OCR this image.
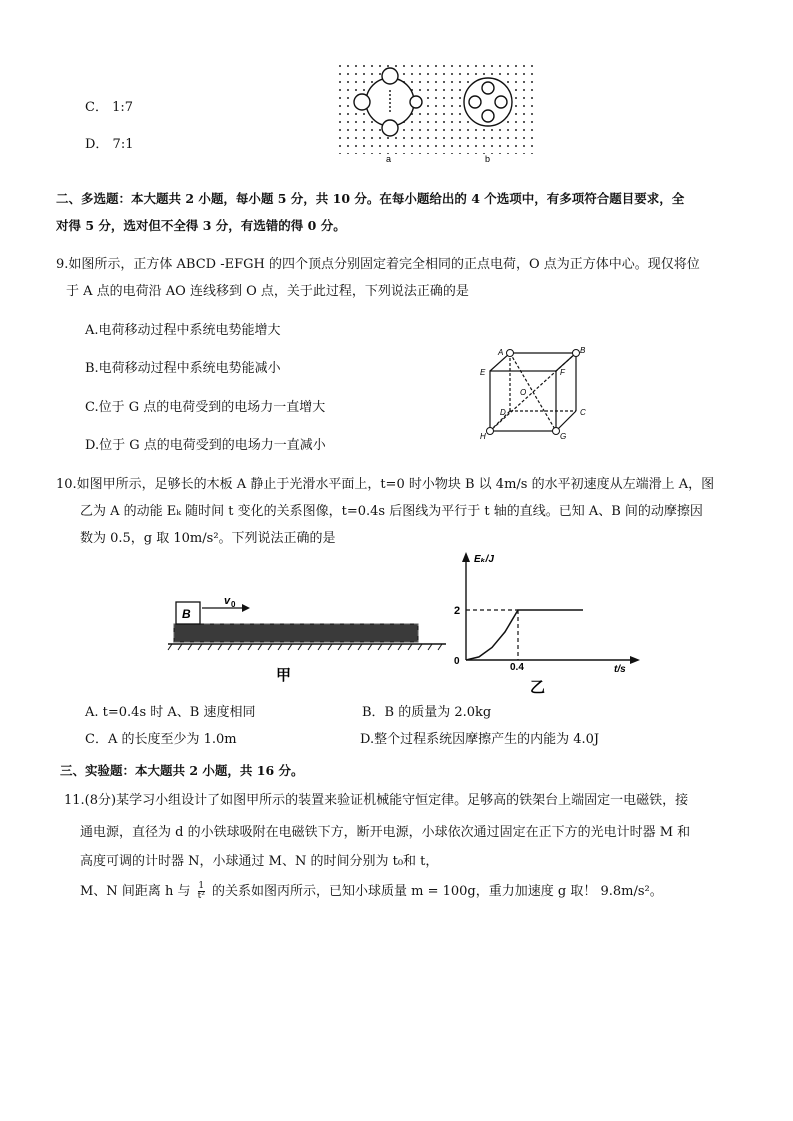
C． 1:7
D． 7:1
a	b
二、多选题：本大题共 2 小题，每小题 5 分，共 10 分。在每小题给出的 4 个选项中，有多项符合题目要求，全
对得 5 分，选对但不全得 3 分，有选错的得 0 分。
9.如图所示，正方体 ABCD -EFGH 的四个顶点分别固定着完全相同的正点电荷，O 点为正方体中心。现仅将位
于 A 点的电荷沿 AO 连线移到 O 点，关于此过程，下列说法正确的是
A.电荷移动过程中系统电势能增大
B.电荷移动过程中系统电势能减小
C.位于 G 点的电荷受到的电场力一直增大
D.位于 G 点的电荷受到的电场力一直减小
A	B
E	F
O
D	C
H	G
10.如图甲所示，足够长的木板 A 静止于光滑水平面上，t=0 时小物块 B 以 4m/s 的水平初速度从左端滑上 A，图
乙为 A 的动能 Eₖ 随时间 t 变化的关系图像，t=0.4s 后图线为平行于 t 轴的直线。已知 A、B 间的动摩擦因
数为 0.5，g 取 10m/s²。下列说法正确的是
B
v 0
甲
Eₖ/J
t/s
0
2
0.4
乙
A. t=0.4s 时 A、B 速度相同	B．B 的质量为 2.0kg
C．A 的长度至少为 1.0m	D.整个过程系统因摩擦产生的内能为 4.0J
三、实验题：本大题共 2 小题，共 16 分。
11.(8分)某学习小组设计了如图甲所示的装置来验证机械能守恒定律。足够高的铁架台上端固定一电磁铁，接
通电源，直径为 d 的小铁球吸附在电磁铁下方，断开电源，小球依次通过固定在正下方的光电计时器 M 和
高度可调的计时器 N，小球通过 M、N 的时间分别为 t₀和 t，
M、N 间距离 h 与 $\frac{1}{\text{t²}}$ 的关系如图丙所示，已知小球质量 m = 100g，重力加速度 g 取！ 9.8m/s²。
